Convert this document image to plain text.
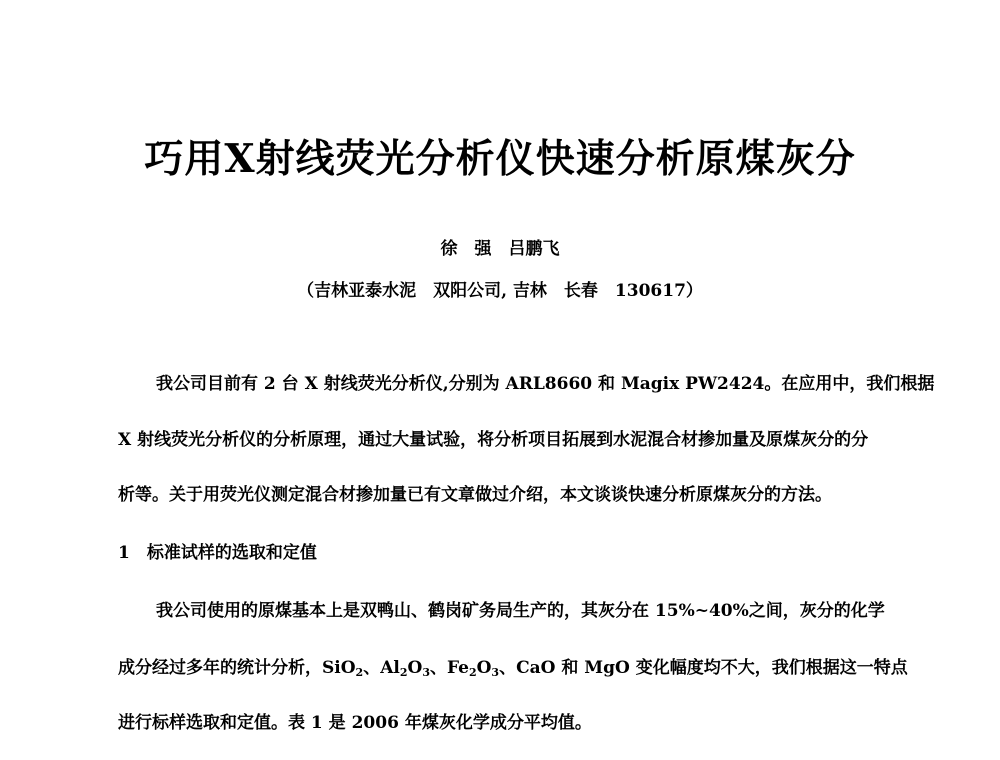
巧用X射线荧光分析仪快速分析原煤灰分
徐　强　吕鹏飞
（吉林亚泰水泥　双阳公司, 吉林　长春　130617）
我公司目前有 2 台 X 射线荧光分析仪,分别为 ARL8660 和 Magix PW2424。在应用中，我们根据
X 射线荧光分析仪的分析原理，通过大量试验，将分析项目拓展到水泥混合材掺加量及原煤灰分的分
析等。关于用荧光仪测定混合材掺加量已有文章做过介绍，本文谈谈快速分析原煤灰分的方法。
1　标准试样的选取和定值
我公司使用的原煤基本上是双鸭山、鹤岗矿务局生产的，其灰分在 15%~40%之间，灰分的化学
成分经过多年的统计分析，SiO$_2$、$Al_2O_3$、$Fe_2O_3$、CaO 和 MgO 变化幅度均不大，我们根据这一特点
进行标样选取和定值。表 1 是 2006 年煤灰化学成分平均值。
